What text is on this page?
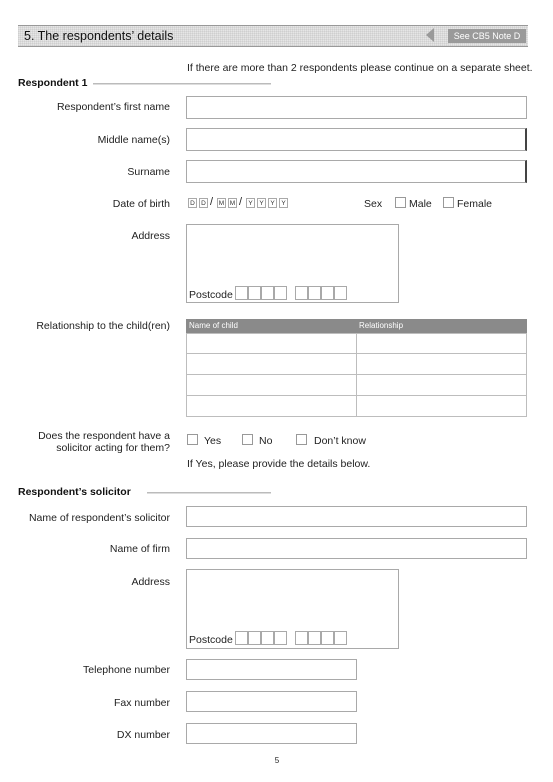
5. The respondents’ details	See CB5 Note D
If there are more than 2 respondents please continue on a separate sheet.
Respondent 1
Respondent’s first name
Middle name(s)
Surname
Date of birth	D D / M M / Y	Y	Y	Y	Sex	Male Female
Address
Postcode
Relationship to the child(ren)	Name of child	Relationship
Does the respondent have a
solicitor acting for them?
Yes	No	Don’t know
If Yes, please provide the details below.
Respondent’s solicitor
Name of respondent’s solicitor
Name of firm
Address
Postcode
Telephone number
Fax number
DX number
5
